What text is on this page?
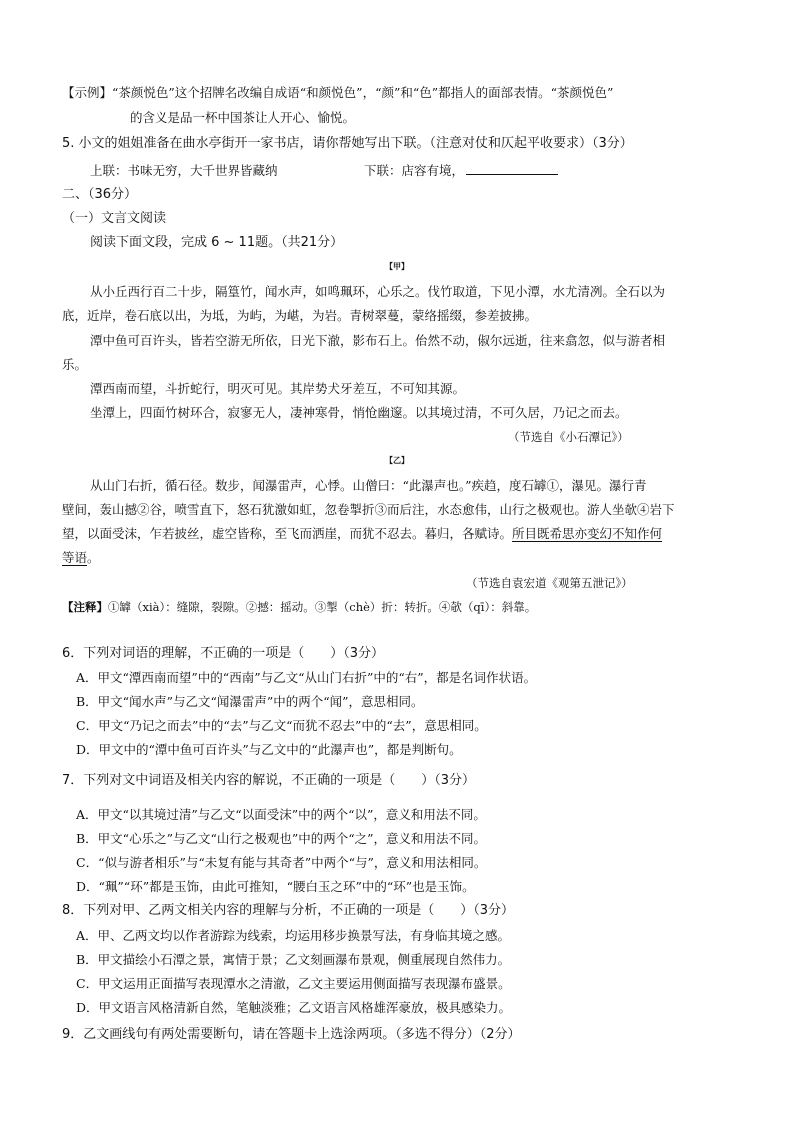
【示例】“茶颜悦色”这个招牌名改编自成语“和颜悦色”，“颜”和“色”都指人的面部表情。“茶颜悦色”
的含义是品一杯中国茶让人开心、愉悦。
5. 小文的姐姐准备在曲水亭街开一家书店，请你帮她写出下联。（注意对仗和仄起平收要求）（3分）
上联：书味无穷，大千世界皆藏纳	下联：店容有境，
二、（36分）
（一）文言文阅读
阅读下面文段，完成 6 ~ 11题。（共21分）
【甲】
从小丘西行百二十步，隔篁竹，闻水声，如鸣珮环，心乐之。伐竹取道，下见小潭，水尤清冽。全石以为
底，近岸，卷石底以出，为坻，为屿，为嵁，为岩。青树翠蔓，蒙络摇缀，参差披拂。
潭中鱼可百许头，皆若空游无所依，日光下澈，影布石上。佁然不动，俶尔远逝，往来翕忽，似与游者相
乐。
潭西南而望，斗折蛇行，明灭可见。其岸势犬牙差互，不可知其源。
坐潭上，四面竹树环合，寂寥无人，凄神寒骨，悄怆幽邃。以其境过清，不可久居，乃记之而去。
（节选自《小石潭记》）
【乙】
从山门右折，循石径。数步，闻瀑雷声，心悸。山僧曰：“此瀑声也。”疾趋，度石罅①，瀑见。瀑行青
壁间，轰山撼②谷，喷雪直下，怒石犹激如虹，忽卷掣折③而后注，水态愈伟，山行之极观也。游人坐欹④岩下
望，以面受沫，乍若披丝，虚空皆称，至飞而洒崖，而犹不忍去。暮归，各赋诗。所目既希思亦变幻不知作何
等语。
（节选自袁宏道《观第五泄记》）
【注释】①罅（xià）：缝隙，裂隙。②撼：摇动。③掣（chè）折：转折。④欹（qī）：斜靠。
6．下列对词语的理解，不正确的一项是（　　）（3分）
A．甲文“潭西南而望”中的“西南”与乙文“从山门右折”中的“右”，都是名词作状语。
B．甲文“闻水声”与乙文“闻瀑雷声”中的两个“闻”，意思相同。
C．甲文“乃记之而去”中的“去”与乙文“而犹不忍去”中的“去”，意思相同。
D．甲文中的“潭中鱼可百许头”与乙文中的“此瀑声也”，都是判断句。
7．下列对文中词语及相关内容的解说，不正确的一项是（　　）（3分）
A．甲文“以其境过清”与乙文“以面受沫”中的两个“以”，意义和用法不同。
B．甲文“心乐之”与乙文“山行之极观也”中的两个“之”，意义和用法不同。
C．“似与游者相乐”与“未复有能与其奇者”中两个“与”，意义和用法相同。
D．“珮”“环”都是玉饰，由此可推知，“腰白玉之环”中的“环”也是玉饰。
8．下列对甲、乙两文相关内容的理解与分析，不正确的一项是（　　）（3分）
A．甲、乙两文均以作者游踪为线索，均运用移步换景写法，有身临其境之感。
B．甲文描绘小石潭之景，寓情于景；乙文刻画瀑布景观，侧重展现自然伟力。
C．甲文运用正面描写表现潭水之清澈，乙文主要运用侧面描写表现瀑布盛景。
D．甲文语言风格清新自然，笔触淡雅；乙文语言风格雄浑豪放，极具感染力。
9．乙文画线句有两处需要断句，请在答题卡上选涂两项。（多选不得分）（2分）
